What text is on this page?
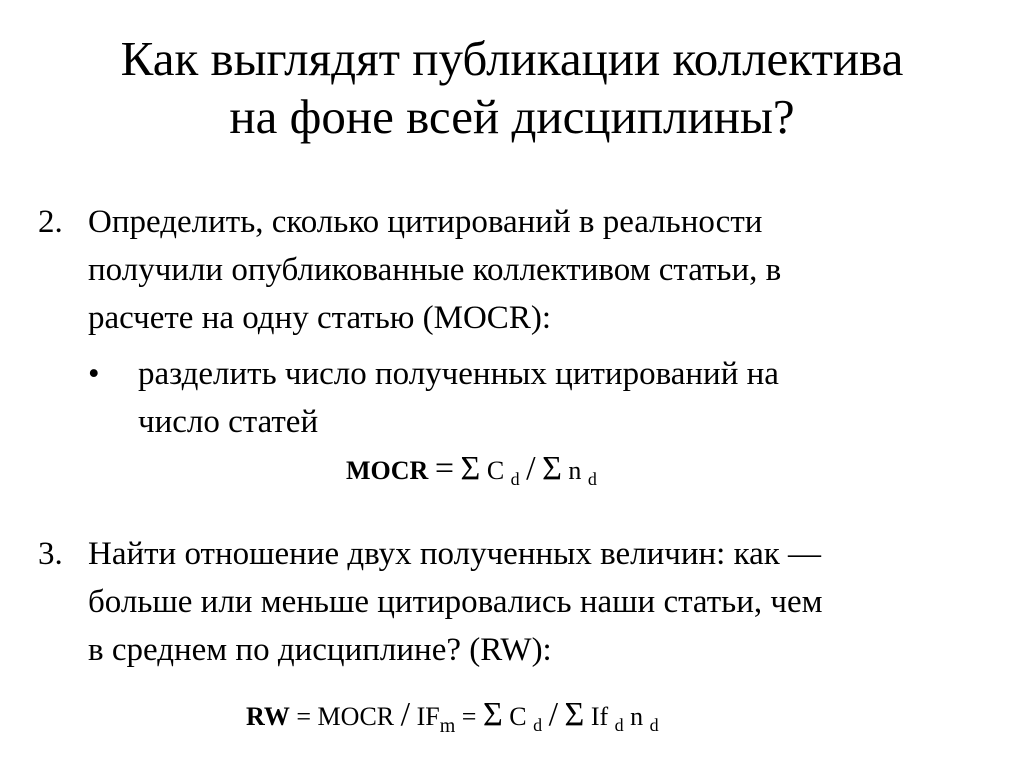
Как выглядят публикации коллектива
на фоне всей дисциплины?
2. Определить, сколько цитирований в реальности
получили опубликованные коллективом статьи, в
расчете на одну статью (MOCR):
• разделить число полученных цитирований на
число статей
MOCR = Σ C $_d$ / Σ n $_d$
3. Найти отношение двух полученных величин: как —
больше или меньше цитировались наши статьи, чем
в среднем по дисциплине? (RW):
RW = MOCR / $IF_m = \Sigma$ C $_d$ / Σ If $_d$ n $_d$
